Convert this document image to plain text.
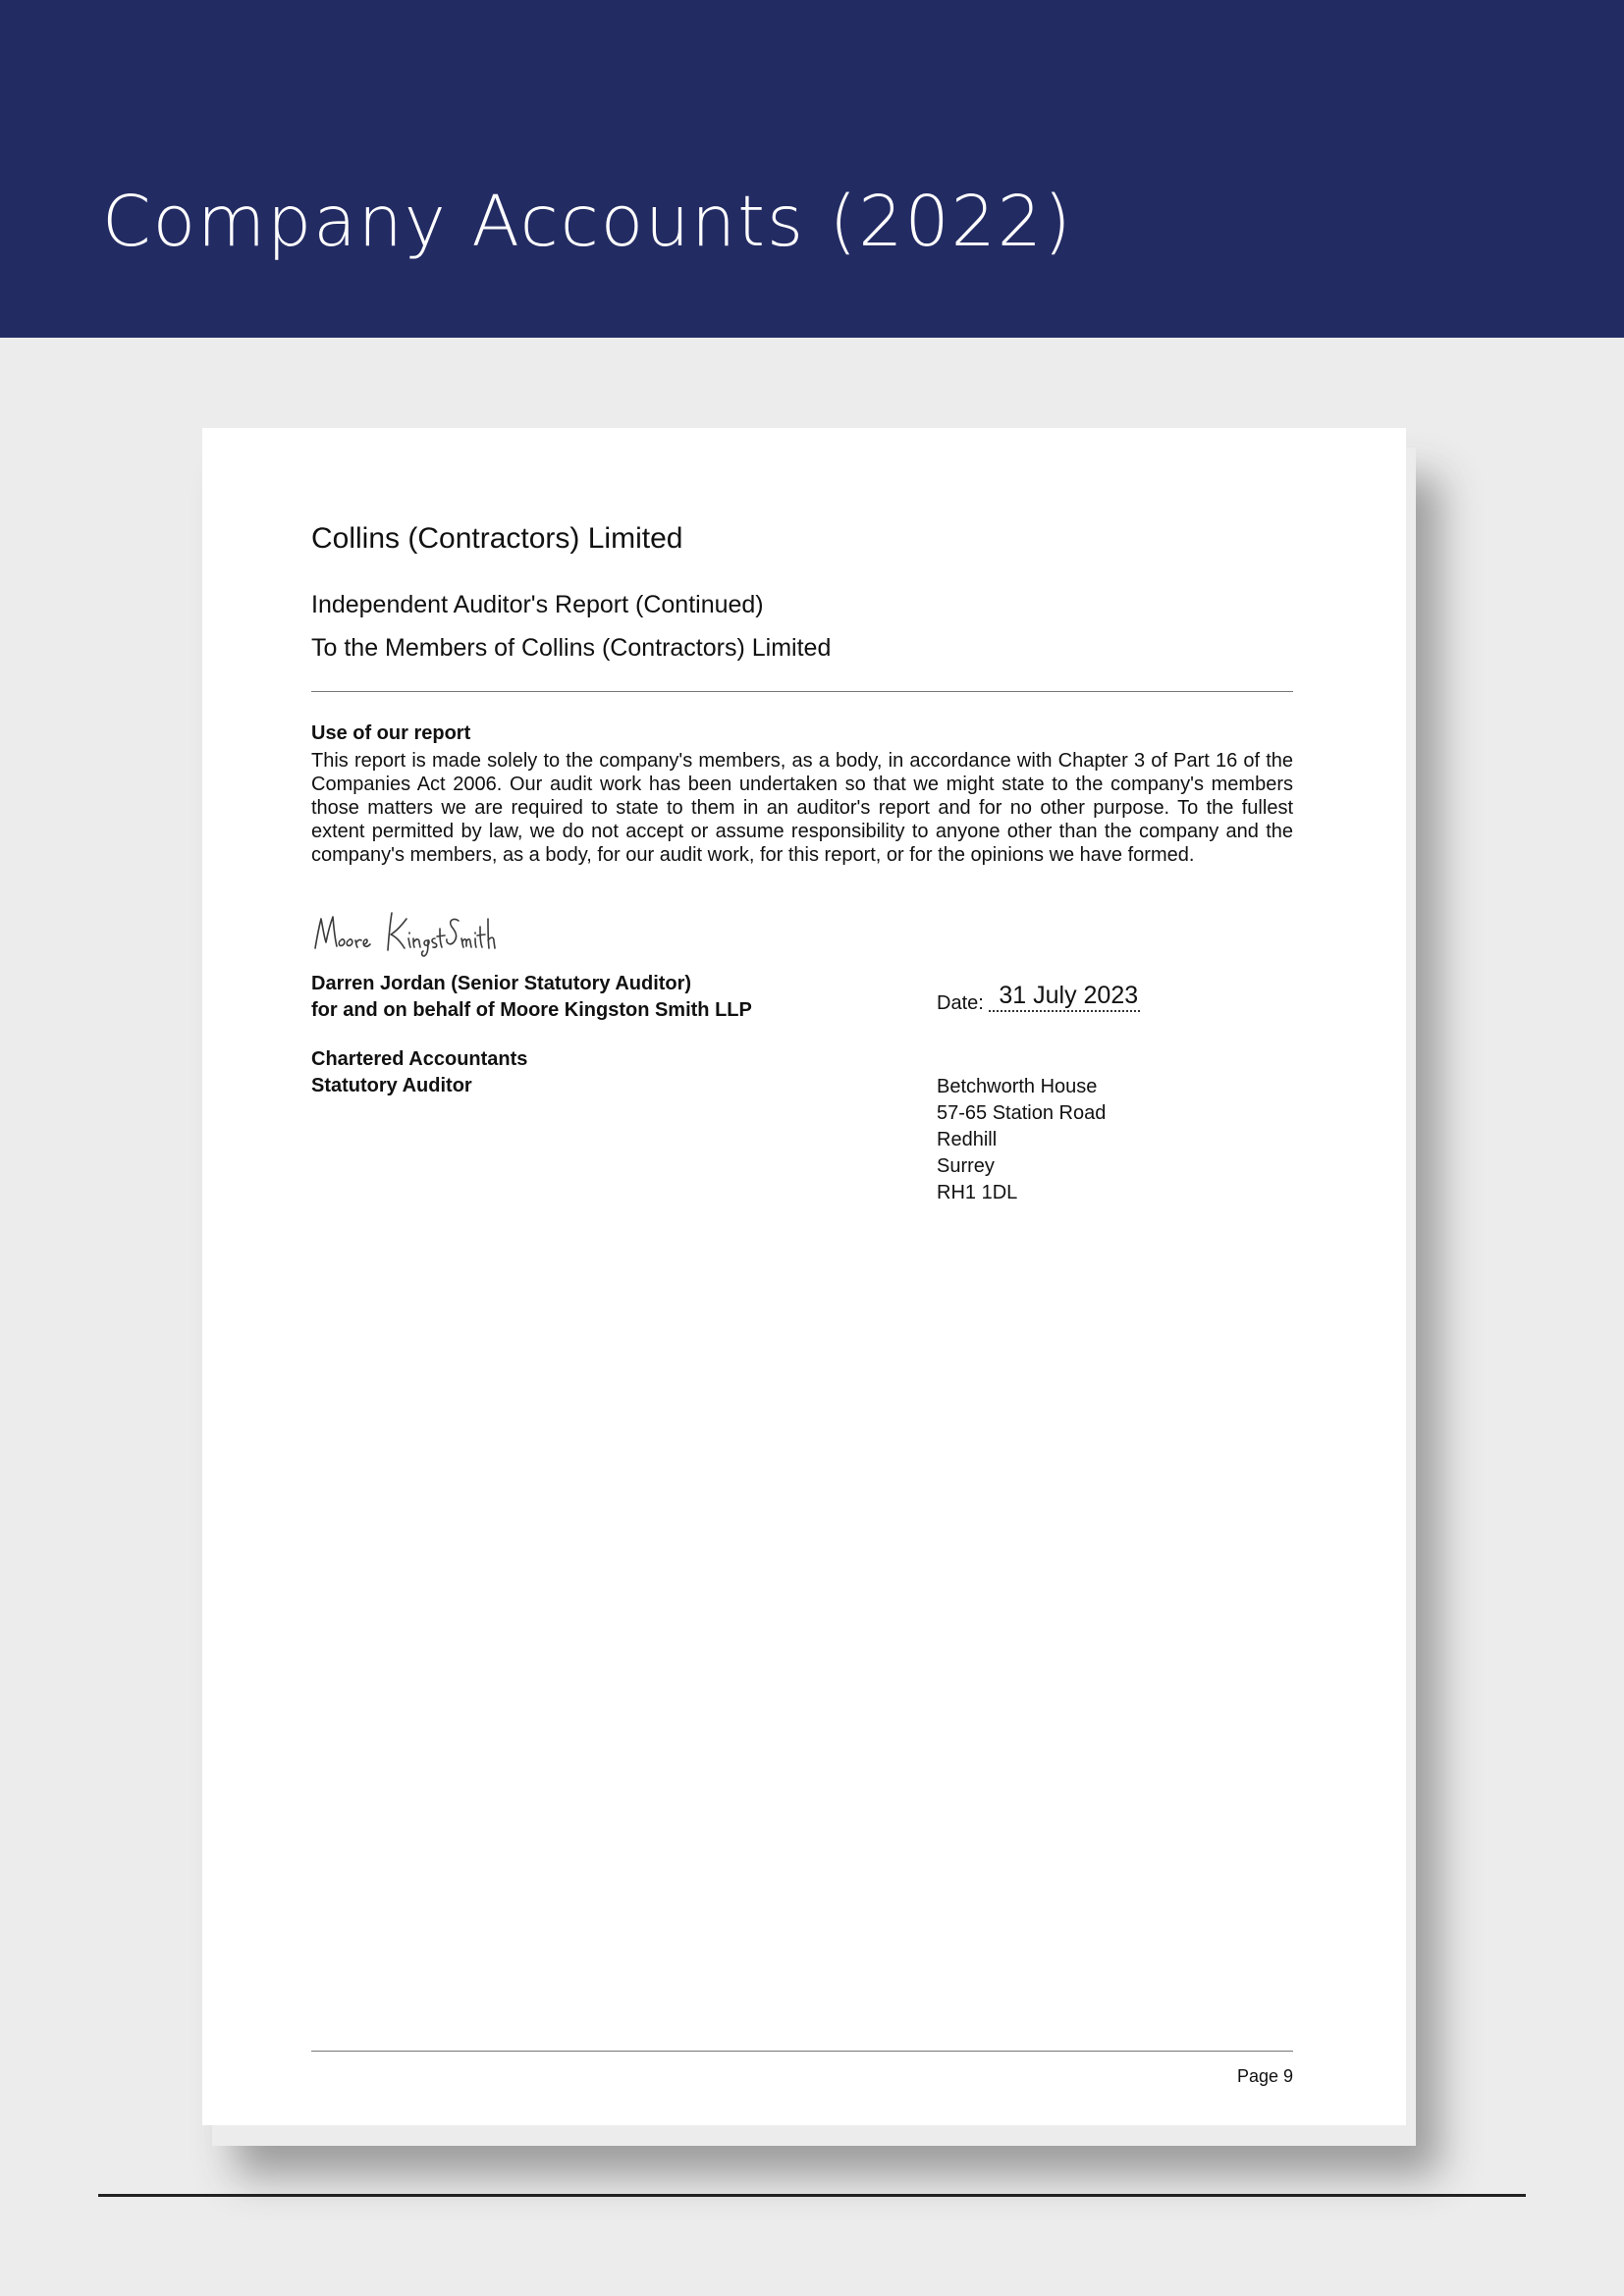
Company Accounts (2022)
Collins (Contractors) Limited
Independent Auditor's Report (Continued)
To the Members of Collins (Contractors) Limited
Use of our report

This report is made solely to the company's members, as a body, in accordance with Chapter 3 of Part 16 of the Companies Act 2006. Our audit work has been undertaken so that we might state to the company's members those matters we are required to state to them in an auditor's report and for no other purpose. To the fullest extent permitted by law, we do not accept or assume responsibility to anyone other than the company and the company's members, as a body, for our audit work, for this report, or for the opinions we have formed.

Darren Jordan (Senior Statutory Auditor)
for and on behalf of Moore Kingston Smith LLP
Chartered Accountants
Statutory Auditor
Date: 31 July 2023
Betchworth House
57-65 Station Road
Redhill
Surrey
RH1 1DL
Page 9
